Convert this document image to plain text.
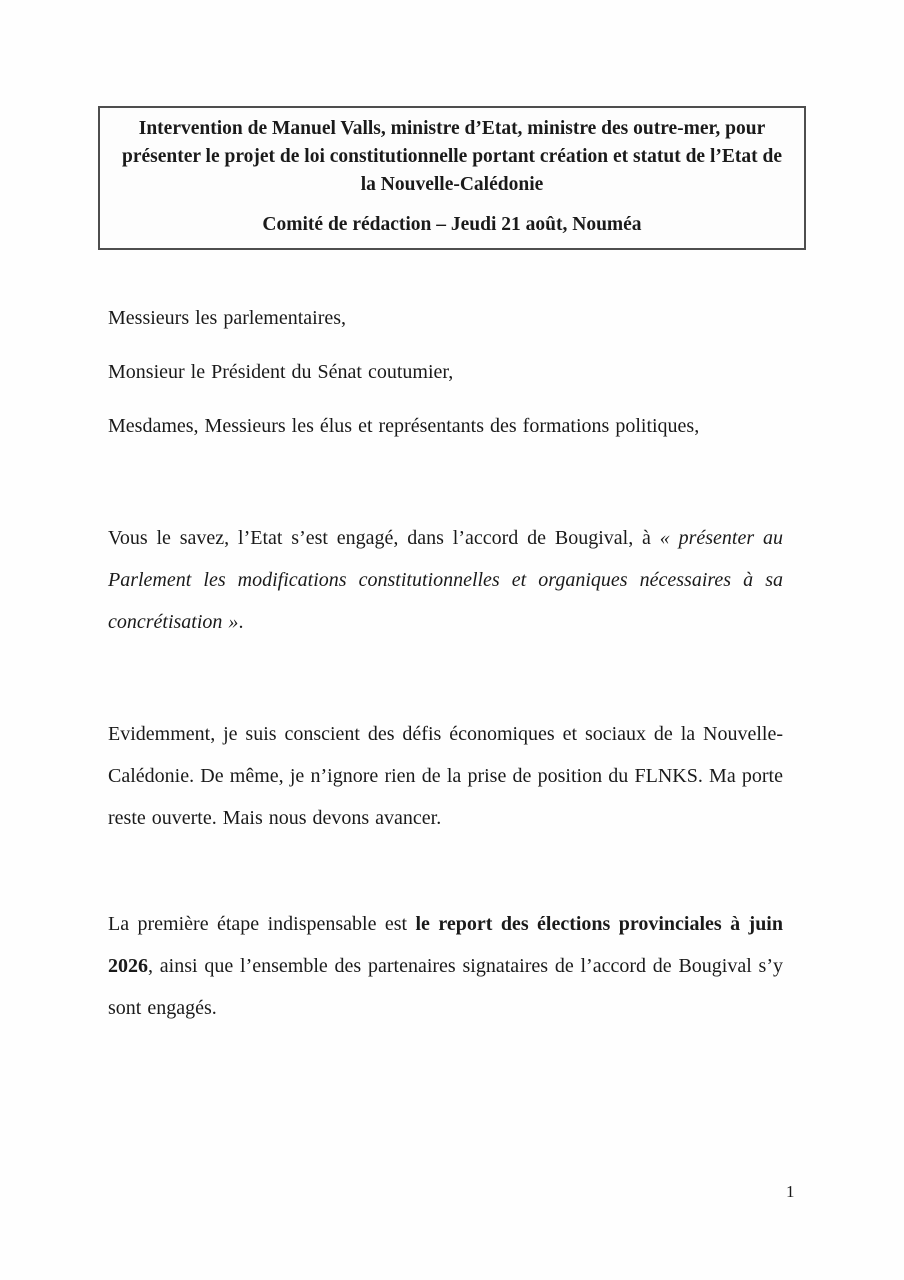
Intervention de Manuel Valls, ministre d’Etat, ministre des outre-mer, pour présenter le projet de loi constitutionnelle portant création et statut de l’Etat de la Nouvelle-Calédonie

Comité de rédaction – Jeudi 21 août, Nouméa

Messieurs les parlementaires,

Monsieur le Président du Sénat coutumier,

Mesdames, Messieurs les élus et représentants des formations politiques,

Vous le savez, l’Etat s’est engagé, dans l’accord de Bougival, à « présenter au Parlement les modifications constitutionnelles et organiques nécessaires à sa concrétisation ».

Evidemment, je suis conscient des défis économiques et sociaux de la Nouvelle-Calédonie. De même, je n’ignore rien de la prise de position du FLNKS. Ma porte reste ouverte. Mais nous devons avancer.

La première étape indispensable est le report des élections provinciales à juin 2026, ainsi que l’ensemble des partenaires signataires de l’accord de Bougival s’y sont engagés.

1
